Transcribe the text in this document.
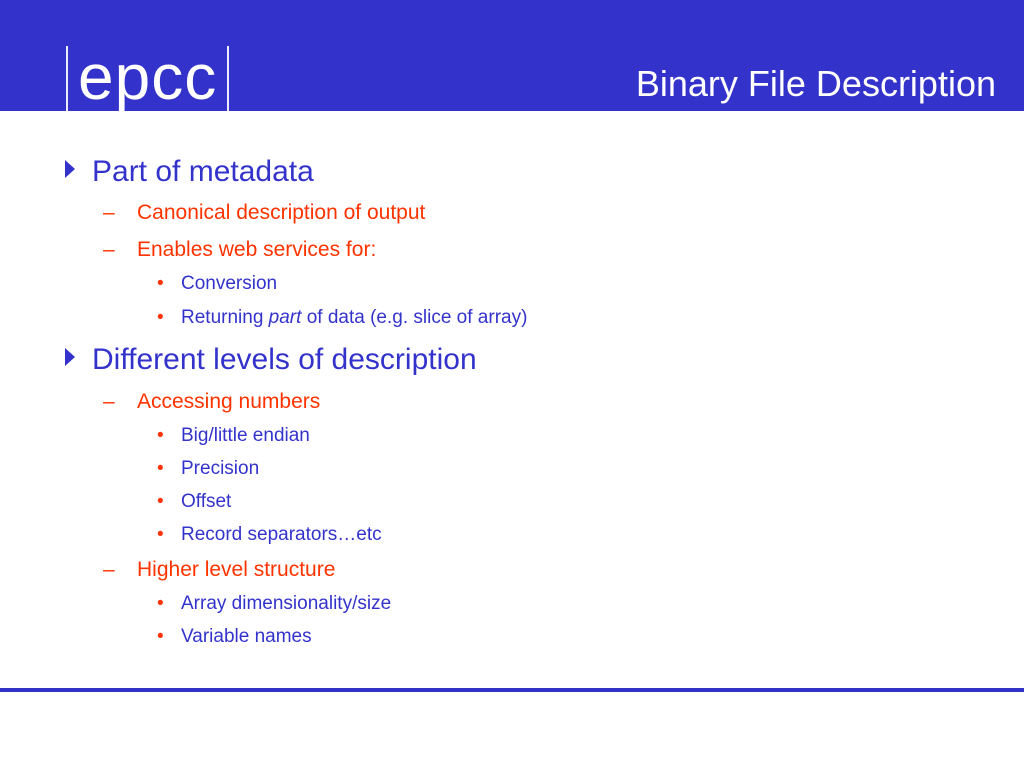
epcc	Binary File Description
Part of metadata
– Canonical description of output
– Enables web services for:
• Conversion
• Returning part of data (e.g. slice of array)
Different levels of description
– Accessing numbers
• Big/little endian
• Precision
• Offset
• Record separators…etc
– Higher level structure
• Array dimensionality/size
• Variable names
